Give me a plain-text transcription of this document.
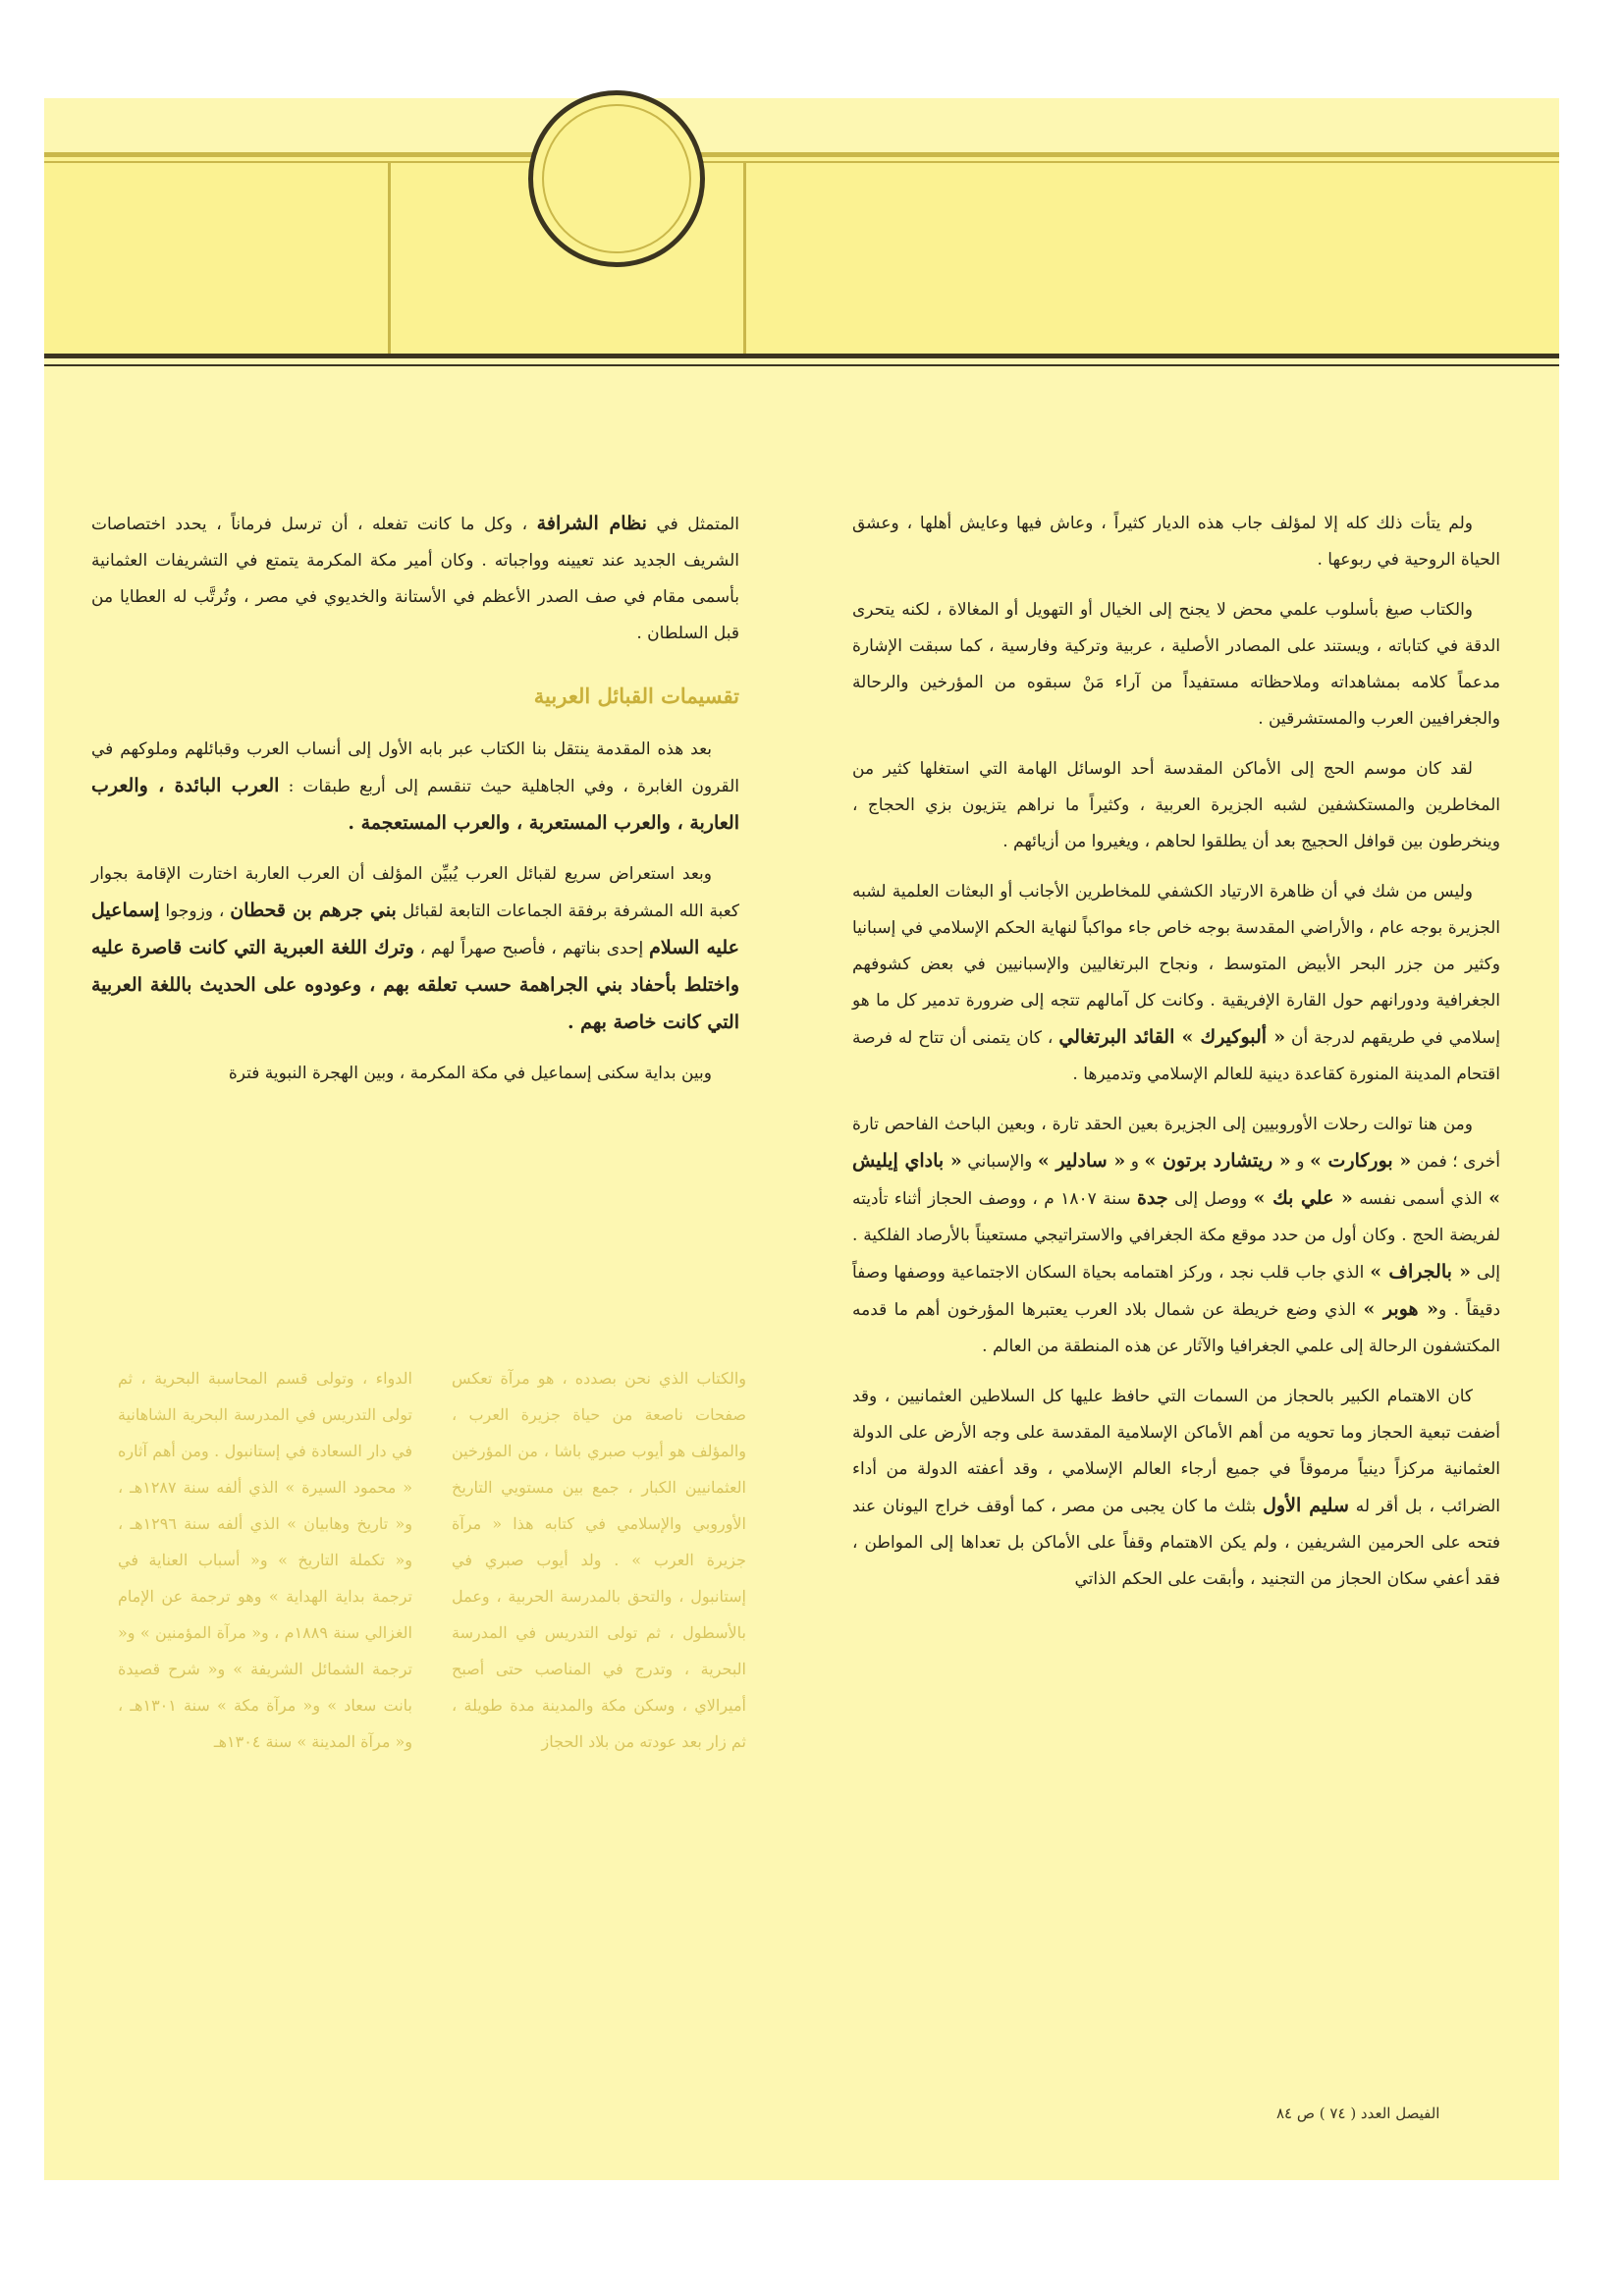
ولم يتأت ذلك كله إلا لمؤلف جاب هذه الديار كثيراً ، وعاش فيها وعايش أهلها ، وعشق الحياة الروحية في ربوعها .

والكتاب صيغ بأسلوب علمي محض لا يجنح إلى الخيال أو التهويل أو المغالاة ، لكنه يتحرى الدقة في كتاباته ، ويستند على المصادر الأصلية ، عربية وتركية وفارسية ، كما سبقت الإشارة مدعماً كلامه بمشاهداته وملاحظاته مستفيداً من آراء مَنْ سبقوه من المؤرخين والرحالة والجغرافيين العرب والمستشرقين .

لقد كان موسم الحج إلى الأماكن المقدسة أحد الوسائل الهامة التي استغلها كثير من المخاطرين والمستكشفين لشبه الجزيرة العربية ، وكثيراً ما نراهم يتزيون بزي الحجاج ، وينخرطون بين قوافل الحجيج بعد أن يطلقوا لحاهم ، ويغيروا من أزيائهم .

وليس من شك في أن ظاهرة الارتياد الكشفي للمخاطرين الأجانب أو البعثات العلمية لشبه الجزيرة بوجه عام ، والأراضي المقدسة بوجه خاص جاء مواكباً لنهاية الحكم الإسلامي في إسبانيا وكثير من جزر البحر الأبيض المتوسط ، ونجاح البرتغاليين والإسبانيين في بعض كشوفهم الجغرافية ودورانهم حول القارة الإفريقية . وكانت كل آمالهم تتجه إلى ضرورة تدمير كل ما هو إسلامي في طريقهم لدرجة أن « ألبوكيرك » القائد البرتغالي ، كان يتمنى أن تتاح له فرصة اقتحام المدينة المنورة كقاعدة دينية للعالم الإسلامي وتدميرها .

ومن هنا توالت رحلات الأوروبيين إلى الجزيرة بعين الحقد تارة ، وبعين الباحث الفاحص تارة أخرى ؛ فمن « بوركارت » و « ريتشارد برتون » و « سادلير » والإسباني « باداي إيليش » الذي أسمى نفسه « علي بك » ووصل إلى جدة سنة ١٨٠٧ م ، ووصف الحجاز أثناء تأديته لفريضة الحج . وكان أول من حدد موقع مكة الجغرافي والاستراتيجي مستعيناً بالأرصاد الفلكية . إلى « بالجراف » الذي جاب قلب نجد ، وركز اهتمامه بحياة السكان الاجتماعية ووصفها وصفاً دقيقاً . و« هوبر » الذي وضع خريطة عن شمال بلاد العرب يعتبرها المؤرخون أهم ما قدمه المكتشفون الرحالة إلى علمي الجغرافيا والآثار عن هذه المنطقة من العالم .

كان الاهتمام الكبير بالحجاز من السمات التي حافظ عليها كل السلاطين العثمانيين ، وقد أضفت تبعية الحجاز وما تحويه من أهم الأماكن الإسلامية المقدسة على وجه الأرض على الدولة العثمانية مركزاً دينياً مرموقاً في جميع أرجاء العالم الإسلامي ، وقد أعفته الدولة من أداء الضرائب ، بل أقر له سليم الأول بثلث ما كان يجبى من مصر ، كما أوقف خراج اليونان عند فتحه على الحرمين الشريفين ، ولم يكن الاهتمام وقفاً على الأماكن بل تعداها إلى المواطن ، فقد أعفي سكان الحجاز من التجنيد ، وأبقت على الحكم الذاتي

المتمثل في نظام الشرافة ، وكل ما كانت تفعله ، أن ترسل فرماناً ، يحدد اختصاصات الشريف الجديد عند تعيينه وواجباته . وكان أمير مكة المكرمة يتمتع في التشريفات العثمانية بأسمى مقام في صف الصدر الأعظم في الأستانة والخديوي في مصر ، وتُرتَّب له العطايا من قبل السلطان .

تقسيمات القبائل العربية

بعد هذه المقدمة ينتقل بنا الكتاب عبر بابه الأول إلى أنساب العرب وقبائلهم وملوكهم في القرون الغابرة ، وفي الجاهلية حيث تنقسم إلى أربع طبقات : العرب البائدة ، والعرب العاربة ، والعرب المستعربة ، والعرب المستعجمة .

وبعد استعراض سريع لقبائل العرب يُبيِّن المؤلف أن العرب العاربة اختارت الإقامة بجوار كعبة الله المشرفة برفقة الجماعات التابعة لقبائل بني جرهم بن قحطان ، وزوجوا إسماعيل عليه السلام إحدى بناتهم ، فأصبح صهراً لهم ، وترك اللغة العبرية التي كانت قاصرة عليه واختلط بأحفاد بني الجراهمة حسب تعلقه بهم ، وعودوه على الحديث باللغة العربية التي كانت خاصة بهم .

وبين بداية سكنى إسماعيل في مكة المكرمة ، وبين الهجرة النبوية فترة

والكتاب الذي نحن بصدده ، هو مرآة تعكس صفحات ناصعة من حياة جزيرة العرب ، والمؤلف هو أيوب صبري باشا ، من المؤرخين العثمانيين الكبار ، جمع بين مستويي التاريخ الأوروبي والإسلامي في كتابه هذا « مرآة جزيرة العرب » . ولد أيوب صبري في إستانبول ، والتحق بالمدرسة الحربية ، وعمل بالأسطول ، ثم تولى التدريس في المدرسة البحرية ، وتدرج في المناصب حتى أصبح أميرالاي ، وسكن مكة والمدينة مدة طويلة ، ثم زار بعد عودته من بلاد الحجاز

الدواء ، وتولى قسم المحاسبة البحرية ، ثم تولى التدريس في المدرسة البحرية الشاهانية في دار السعادة في إستانبول . ومن أهم آثاره « محمود السيرة » الذي ألفه سنة ١٢٨٧هـ ، و« تاريخ وهابيان » الذي ألفه سنة ١٢٩٦هـ ، و« تكملة التاريخ » و« أسباب العناية في ترجمة بداية الهداية » وهو ترجمة عن الإمام الغزالي سنة ١٨٨٩م ، و« مرآة المؤمنين » و« ترجمة الشمائل الشريفة » و« شرح قصيدة بانت سعاد » و« مرآة مكة » سنة ١٣٠١هـ ، و« مرآة المدينة » سنة ١٣٠٤هـ

الفيصل العدد ( ٧٤ ) ص ٨٤
